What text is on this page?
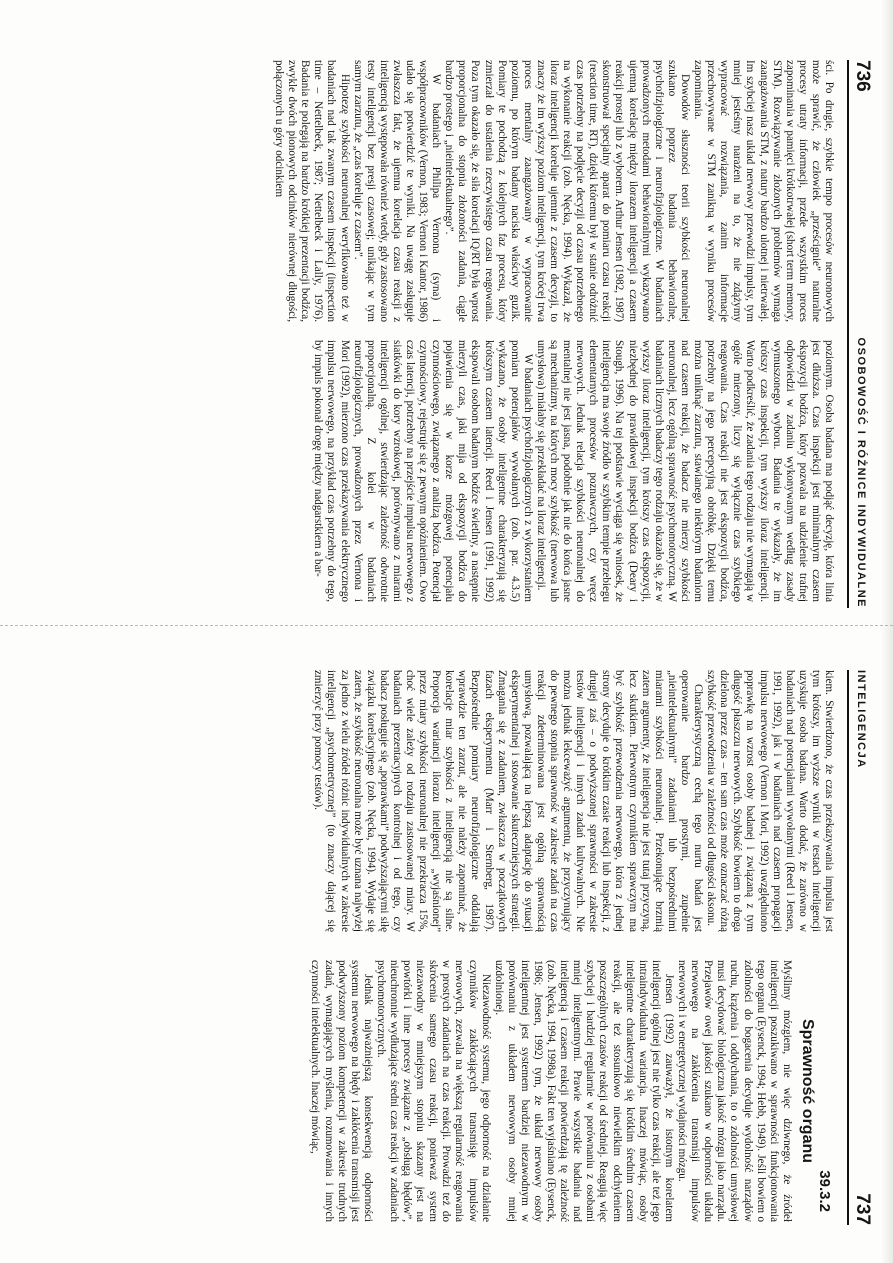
736
OSOBOWOŚĆ I RÓŻNICE INDYWIDUALNE

ści. Po drugie, szybkie tempo procesów neuronowych może sprawić, że człowiek „prześcignie” naturalne procesy utraty informacji, przede wszystkim proces zapominania w pamięci krótkotrwałej (short term memory, STM). Rozwiązywanie złożonych problemów wymaga zaangażowania STM, z natury bardzo ulotnej i nietrwałej. Im szybciej nasz układ nerwowy przewodzi impulsy, tym mniej jesteśmy narażeni na to, że nie zdążymy wypracować rozwiązania, zanim informacje przechowywane w STM zanikną w wyniku procesów zapominania.

Dowodów słuszności teorii szybkości neuronalnej szukano poprzez badania behawioralne, psychofizjologiczne i neurofizjologiczne. W badaniach prowadzonych metodami behawioralnymi wykazywano ujemną korelację między ilorazem inteligencji a czasem reakcji prostej lub z wyborem. Arthur Jensen (1982, 1987) skonstruował specjalny aparat do pomiaru czasu reakcji (reaction time, RT), dzięki któremu był w stanie odróżnić czas potrzebny na podjęcie decyzji od czasu potrzebnego na wykonanie reakcji (zob. Nęcka, 1994). Wykazał, że iloraz inteligencji koreluje ujemnie z czasem decyzji, to znaczy że im wyższy poziom inteligencji, tym krócej trwa proces mentalny zaangażowany w wypracowanie poziomu, po którym badany naciska właściwy guzik. Pomiary te pochodzą z kolejnych faz procesu, który zmierzał do ustalenia rzeczywistego czasu reagowania. Poza tym okazało się, że siła korelacji IQ/RT była wprost proporcjonalna do stopnia złożoności zadania, ciągle bardzo prostego i „nieintelektualnego”.

W badaniach Philipa Vernona (syna) i współpracowników (Vernon, 1983; Vernon i Kantor, 1986) udało się potwierdzić te wyniki. Na uwagę zasługuje zwłaszcza fakt, że ujemna korelacja czasu reakcji z inteligencją występowała również wtedy, gdy zastosowano testy inteligencji bez presji czasowej; unikając w tym samym zarzutu, że „czas koreluje z czasem”.

Hipotezę szybkości neuronalnej weryfikowano też w badaniach nad tak zwanym czasem inspekcji (inspection time – Nettelbeck, 1987; Nettelbeck i Lally, 1976). Badania te polegają na bardzo krótkiej prezentacji bodźca, zwykle dwóch pionowych odcinków nierównej długości, połączonych u góry odcinkiem

poziomym. Osoba badana ma podjąć decyzję, która linia jest dłuższa. Czas inspekcji jest minimalnym czasem ekspozycji bodźca, który pozwala na udzielenie trafnej odpowiedzi w zadaniu wykonywanym według zasady wymuszonego wyboru. Badania te wykazały, że im krótszy czas inspekcji, tym wyższy iloraz inteligencji. Warto podkreślić, że zadania tego rodzaju nie wymagają w ogóle mierzony, liczy się wyłącznie czas szybkiego reagowania. Czas reakcji nie jest ekspozycji bodźca, potrzebny na jego percepcyjną obróbkę. Dzięki temu można uniknąć zarzutu, stawianego niektórym badaniom nad czasem reakcji, że badacz nie mierzy szybkości neuronalnej, lecz ogólną sprawność psychomotoryczną. W badaniach licznych badaczy tego rodzaju okazało się, że w wyższy iloraz inteligencji, tym krótszy czas ekspozycji, niezbędnej do prawidłowej inspekcji bodźca (Deary i Stough, 1996). Na tej podstawie wyciąga się wniosek, że inteligencja ma swoje źródło w szybkim tempie przebiegu elementarnych procesów poznawczych, czy wręcz nerwowych. Jednak relacja szybkości neuronalnej do mentalnej nie jest jasna, podobnie jak nie do końca jasne są mechanizmy, na których mocy szybkość (nerwowa lub umysłowa) miałaby się przekładać na iloraz inteligencji.

W badaniach psychofizjologicznych z wykorzystaniem pomiaru potencjałów wywołanych (zob. par. 4.3.5) wykazano, że osoby inteligentne charakteryzują się krótszym czasem latencji. Reed i Jensen (1991, 1992) ekspowali osobom badanym bodźce świetlny, a następnie mierzyli czas, jaki mija od ekspozycji bodźca do pojawienia się w korze mózgowej potencjału czynnościowego, związanego z analizą bodźca. Potencjał czynnościowy, rejestruje się z pewnym opóźnieniem. Owo czas latencji, potrzebny na przejście impulsu nerwowego z siatkówki do kory wzrokowej, porównywano z miarami inteligencji ogólnej, stwierdzając zależność odwrotnie proporcjonalną. Z kolei w badaniach neurofizjologicznych, prowadzonych przez Vernona i Mori (1992), mierzono czas przekazywania elektrycznego impulsu nerwowego, na przykład czas potrzebny do tego, by impuls pokonał drogę między nadgarstkiem a bar-

INTELIGENCJA
737

kiem. Stwierdzono, że czas przekazywania impulsu jest tym krótszy, im wyższe wyniki w testach inteligencji uzyskuje osoba badana. Warto dodać, że zarówno w badaniach nad potencjałami wywołanymi (Reed i Jensen, 1991, 1992), jak i w badaniach nad czasem propagacji impulsu nerwowego (Vernon i Mori, 1992) uwzględniono poprawkę na wzrost osoby badanej i związaną z tym długość płaszczu nerwowych. Szybkość bowiem to droga dzielona przez czas – ten sam czas może oznaczać różną szybkość przewodzenia w zależności od długości aksonu.

Charakterystyczną cechą tego nurtu badań jest operowanie bardzo prostymi, zupełnie „nieintelektualnymi” zadaniami lub bezpośrednimi miarami szybkości neuronalnej. Przekonujące brzmią zatem argumenty, że inteligencja nie jest tutaj przyczyną, lecz skutkiem. Pierwotnym czynnikiem sprawczym ma być szybkość przewodzenia nerwowego, która z jednej strony decyduje o krótkim czasie reakcji lub inspekcji, z drugiej zaś – o podwyższonej sprawności w zakresie testów inteligencji i innych zadań kultywalnych. Nie można jednak lekceważyć argumentu, że przyczynujący do pewnego stopnia sprawność w zakresie zadań na czas reakcji zdeterminowana jest ogólną sprawnością umysłową, pozwalającą na lepszą adaptację do sytuacji eksperymentalnej i stosowanie skuteczniejszych strategii. Zmagania się z zadaniem, zwłaszcza w początkowych fazach eksperymentu (Marr i Sternberg, 1987). Bezpośrednie pomiary neurofizjologiczne oddalają wprawdzie ten zarzut, ale nie należy zapominać, że korelacje miar szybkości z inteligencją nie są silne. Proporcja wariancji ilorazu inteligencji „wyjaśnionej” przez miary szybkości neuronalnej nie przekracza 15%, choć wiele zależy od rodzaju zastosowanej miary. W badaniach prezentacyjnych kontrolnej i od tego, czy badacz posługuje się „poprawkami” podwyższającymi siłę związku korelacyjnego (zob. Nęcka, 1994). Wydaje się zatem, że szybkość neuronalna może być uznana najwyżej za jedno z wielu źródeł różnic indywidualnych w zakresie inteligencji „psychometrycznej” (to znaczy dającej się zmierzyć przy pomocy testów).

39.3.2
Sprawność organu

Myślimy mózgiem, nie więc dziwnego, że źródeł inteligencji poszukiwano w sprawności funkcjonowania tego organu (Eysenck, 1994; Hebb, 1949). Jeśli bowiem o zdolności do bogacenia decyduje wydolność narządów ruchu, krążenia i oddychania, to o zdolności umysłowej musi decydować biologiczna jakość mózgu jako narządu. Przejawów owej jakości szukano w odporności układu nerwowego na zakłócenia transmisji impulsów nerwowych i w energetycznej wydajności mózgu.

Jensen (1992) zauważył, że istotnym korelatem inteligencji ogólnej jest nie tylko czas reakcji, ale też jego intraindywidualna wariancja. Inaczej mówiąc, osoby inteligentne charakteryzują się krótkim średnim czasem reakcji, ale też stosunkowo niewielkim odchyleniem poszczególnych czasów reakcji od średniej. Reagują więc szybciej i bardziej regularnie w porównaniu z osobami mniej inteligentnymi. Prawie wszystkie badania nad inteligencją i czasem reakcji potwierdzają tę zależność (zob. Nęcka, 1994, 1998a). Fakt ten wyjaśniano (Eysenck, 1986; Jensen, 1992) tym, że układ nerwowy osoby inteligentnej jest systemem bardziej niezawodnym w porównaniu z układem nerwowym osoby mniej uzdolnionej.

Niezawodność systemu, jego odporność na działanie czynników zakłócających transmisję impulsów nerwowych, zezwala na większą regularność reagowania w prostych zadaniach na czas reakcji. Prowadzi też do skrócenia samego czasu reakcji, ponieważ system niezawodny w mniejszym stopniu skazany jest na powtórki i inne procesy związane z „obsługą błędów”, nieuchronnie wydłużające średni czas reakcji w zadaniach psychomotorycznych.

Jednak najważniejszą konsekwencją odporności systemu nerwowego na błędy i zakłócenia transmisji jest podwyższony poziom kompetencji w zakresie trudnych zadań, wymagających myślenia, rozumowania i innych czynności intelektualnych. Inaczej mówiąc,
